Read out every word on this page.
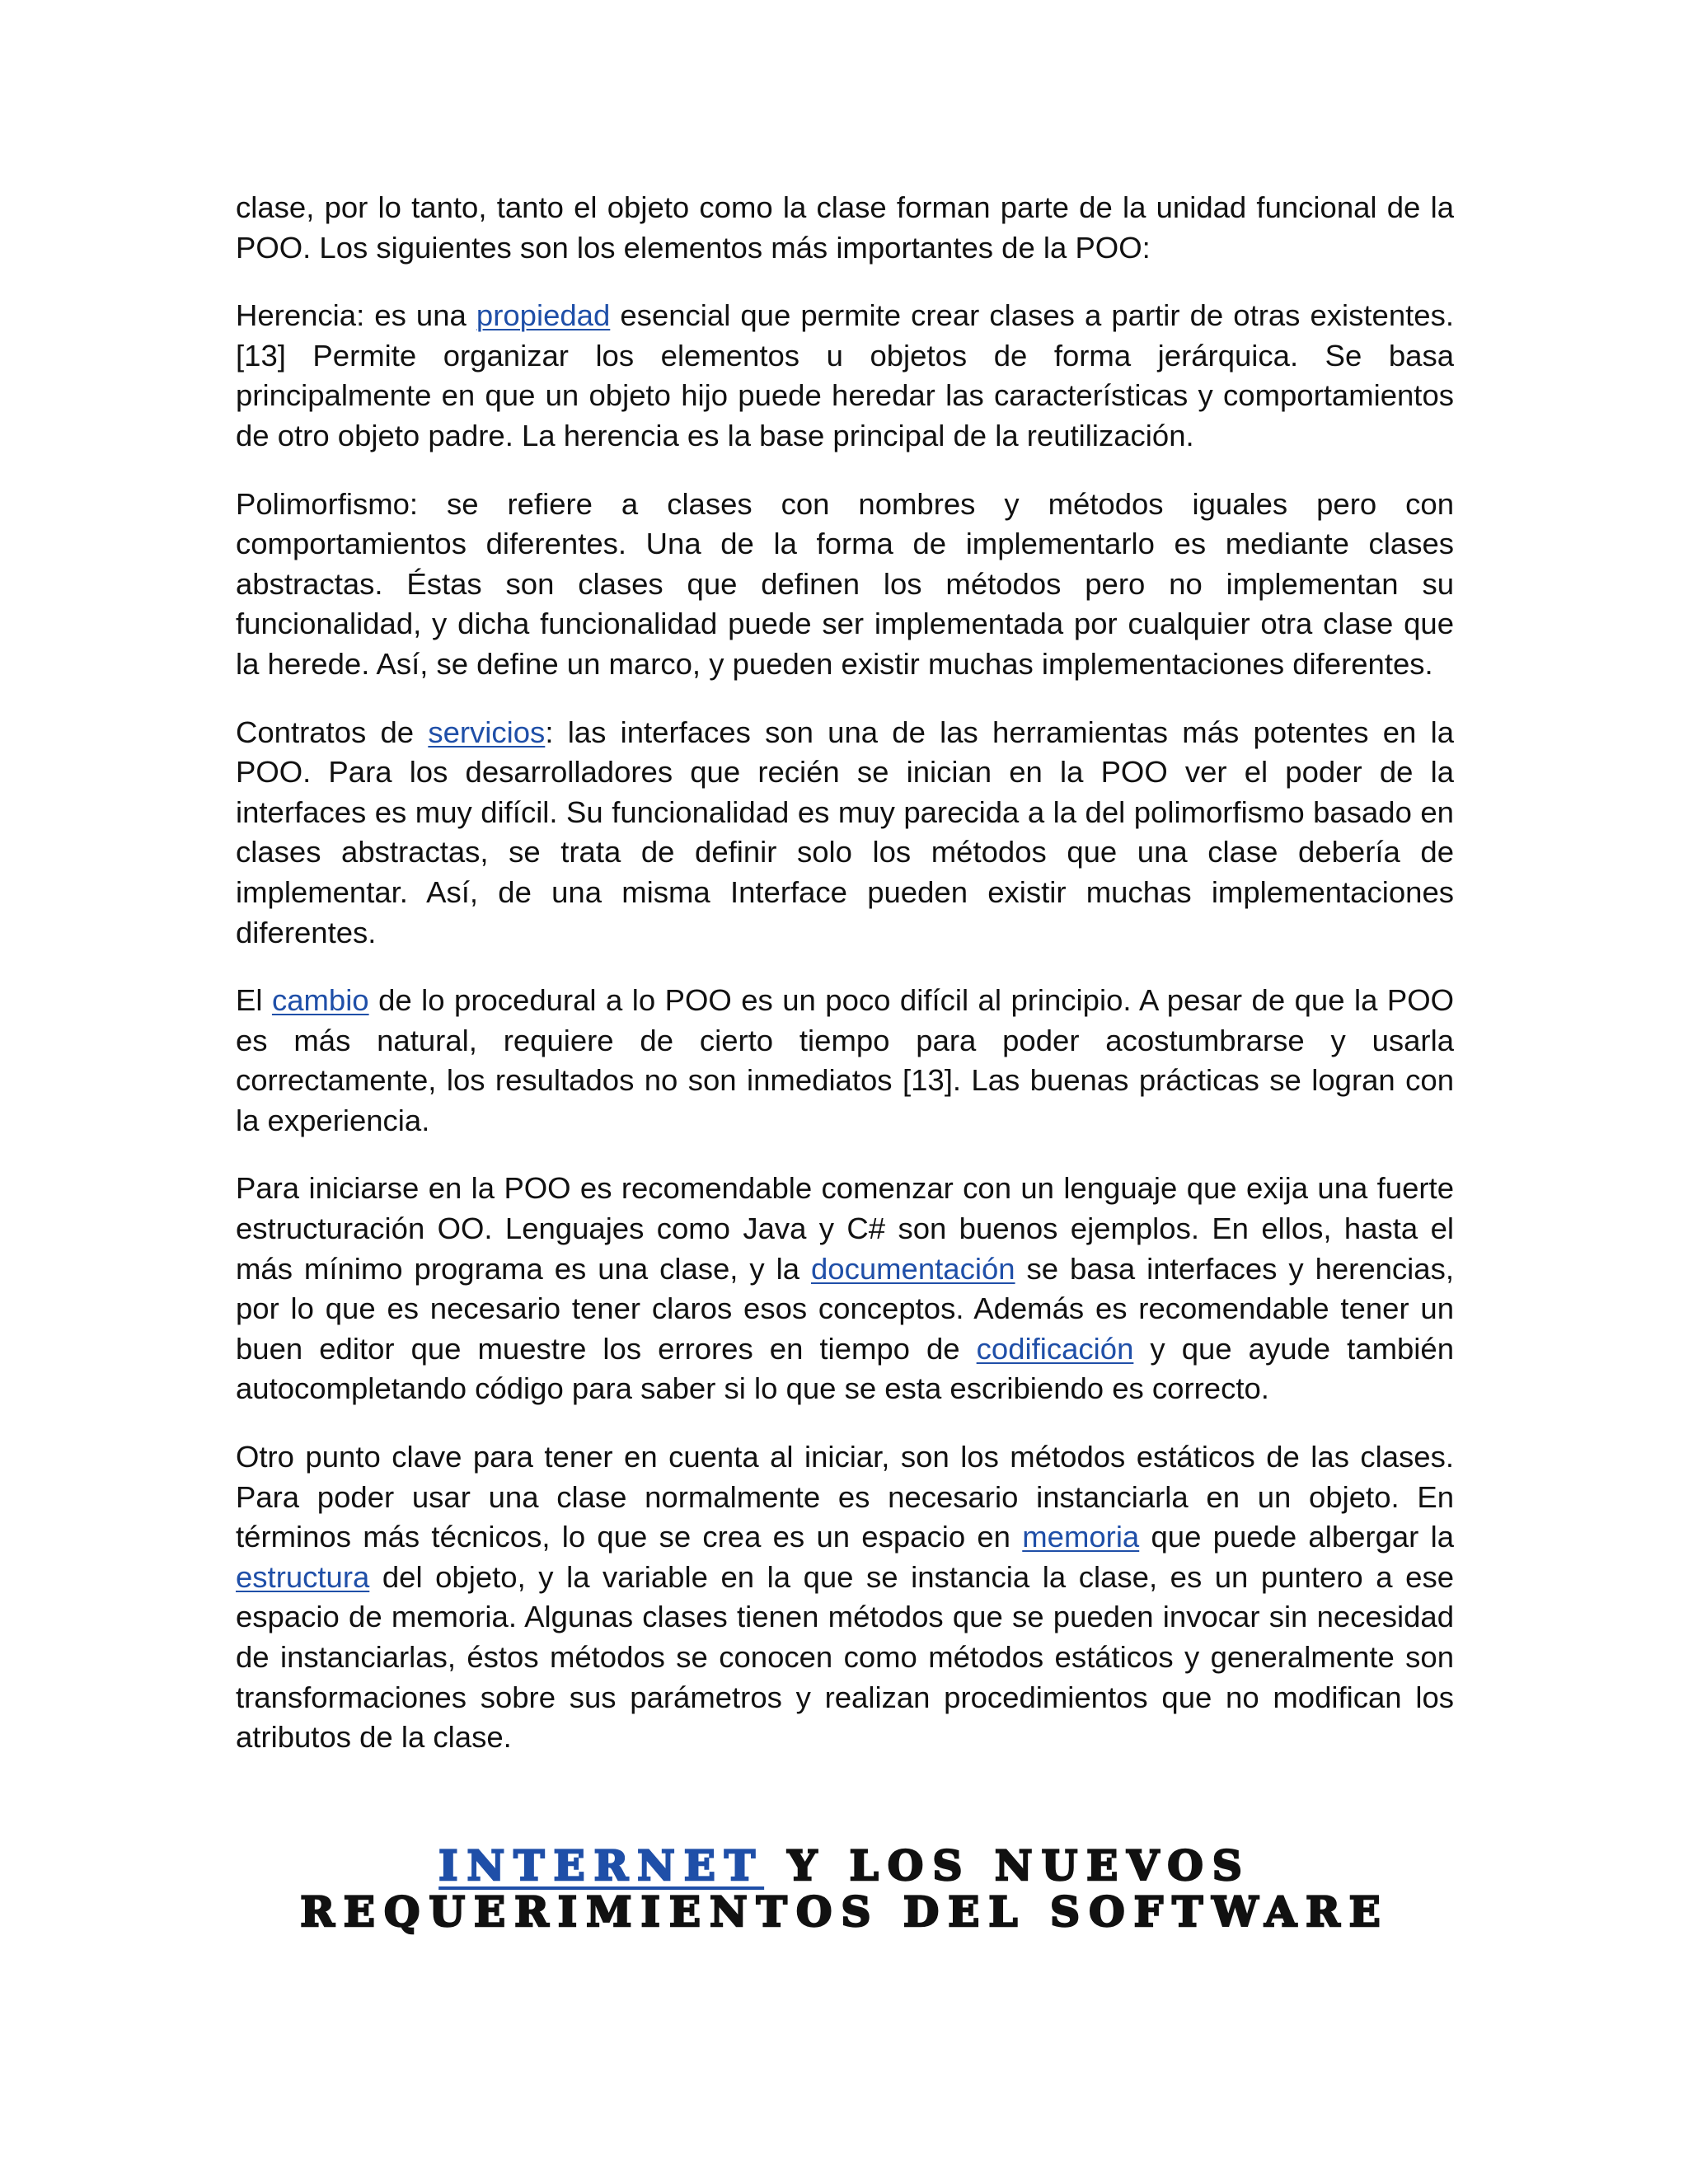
clase, por lo tanto, tanto el objeto como la clase forman parte de la unidad funcional de la POO. Los siguientes son los elementos más importantes de la POO:

Herencia: es una propiedad esencial que permite crear clases a partir de otras existentes. [13] Permite organizar los elementos u objetos de forma jerárquica. Se basa principalmente en que un objeto hijo puede heredar las características y comportamientos de otro objeto padre. La herencia es la base principal de la reutilización.

Polimorfismo: se refiere a clases con nombres y métodos iguales pero con comportamientos diferentes. Una de la forma de implementarlo es mediante clases abstractas. Éstas son clases que definen los métodos pero no implementan su funcionalidad, y dicha funcionalidad puede ser implementada por cualquier otra clase que la herede. Así, se define un marco, y pueden existir muchas implementaciones diferentes.

Contratos de servicios: las interfaces son una de las herramientas más potentes en la POO. Para los desarrolladores que recién se inician en la POO ver el poder de la interfaces es muy difícil. Su funcionalidad es muy parecida a la del polimorfismo basado en clases abstractas, se trata de definir solo los métodos que una clase debería de implementar. Así, de una misma Interface pueden existir muchas implementaciones diferentes.

El cambio de lo procedural a lo POO es un poco difícil al principio. A pesar de que la POO es más natural, requiere de cierto tiempo para poder acostumbrarse y usarla correctamente, los resultados no son inmediatos [13]. Las buenas prácticas se logran con la experiencia.

Para iniciarse en la POO es recomendable comenzar con un lenguaje que exija una fuerte estructuración OO. Lenguajes como Java y C# son buenos ejemplos. En ellos, hasta el más mínimo programa es una clase, y la documentación se basa interfaces y herencias, por lo que es necesario tener claros esos conceptos. Además es recomendable tener un buen editor que muestre los errores en tiempo de codificación y que ayude también autocompletando código para saber si lo que se esta escribiendo es correcto.

Otro punto clave para tener en cuenta al iniciar, son los métodos estáticos de las clases. Para poder usar una clase normalmente es necesario instanciarla en un objeto. En términos más técnicos, lo que se crea es un espacio en memoria que puede albergar la estructura del objeto, y la variable en la que se instancia la clase, es un puntero a ese espacio de memoria. Algunas clases tienen métodos que se pueden invocar sin necesidad de instanciarlas, éstos métodos se conocen como métodos estáticos y generalmente son transformaciones sobre sus parámetros y realizan procedimientos que no modifican los atributos de la clase.

INTERNET Y LOS NUEVOS
REQUERIMIENTOS DEL SOFTWARE
